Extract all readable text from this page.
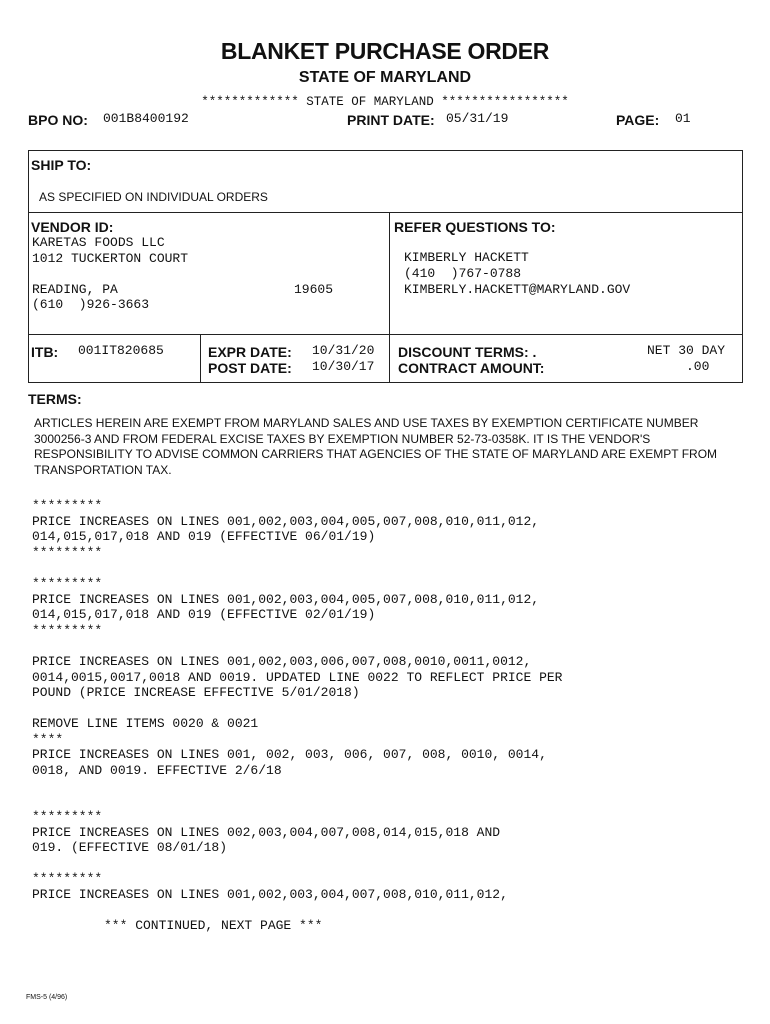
BLANKET PURCHASE ORDER
STATE OF MARYLAND
************* STATE OF MARYLAND *****************
BPO NO: 001B8400192	PRINT DATE: 05/31/19	PAGE: 01
SHIP TO:
AS SPECIFIED ON INDIVIDUAL ORDERS
VENDOR ID:
KARETAS FOODS LLC
1012 TUCKERTON COURT
READING, PA	19605
(610  )926-3663
REFER QUESTIONS TO:
KIMBERLY HACKETT
(410  )767-0788
KIMBERLY.HACKETT@MARYLAND.GOV
ITB: 001IT820685	EXPR DATE: 10/31/20
POST DATE: 10/30/17
DISCOUNT TERMS: .	NET 30 DAY
CONTRACT AMOUNT:	.00
TERMS:
ARTICLES HEREIN ARE EXEMPT FROM MARYLAND SALES AND USE TAXES BY EXEMPTION CERTIFICATE NUMBER 3000256-3 AND FROM FEDERAL EXCISE TAXES BY EXEMPTION NUMBER 52-73-0358K. IT IS THE VENDOR'S RESPONSIBILITY TO ADVISE COMMON CARRIERS THAT AGENCIES OF THE STATE OF MARYLAND ARE EXEMPT FROM TRANSPORTATION TAX.
*********
PRICE INCREASES ON LINES 001,002,003,004,005,007,008,010,011,012,
014,015,017,018 AND 019 (EFFECTIVE 06/01/19)
*********
*********
PRICE INCREASES ON LINES 001,002,003,004,005,007,008,010,011,012,
014,015,017,018 AND 019 (EFFECTIVE 02/01/19)
*********
PRICE INCREASES ON LINES 001,002,003,006,007,008,0010,0011,0012,
0014,0015,0017,0018 AND 0019. UPDATED LINE 0022 TO REFLECT PRICE PER
POUND (PRICE INCREASE EFFECTIVE 5/01/2018)
REMOVE LINE ITEMS 0020 & 0021
****
PRICE INCREASES ON LINES 001, 002, 003, 006, 007, 008, 0010, 0014,
0018, AND 0019. EFFECTIVE 2/6/18
*********
PRICE INCREASES ON LINES 002,003,004,007,008,014,015,018 AND
019. (EFFECTIVE 08/01/18)
*********
PRICE INCREASES ON LINES 001,002,003,004,007,008,010,011,012,
*** CONTINUED, NEXT PAGE ***
FMS-5 (4/96)
